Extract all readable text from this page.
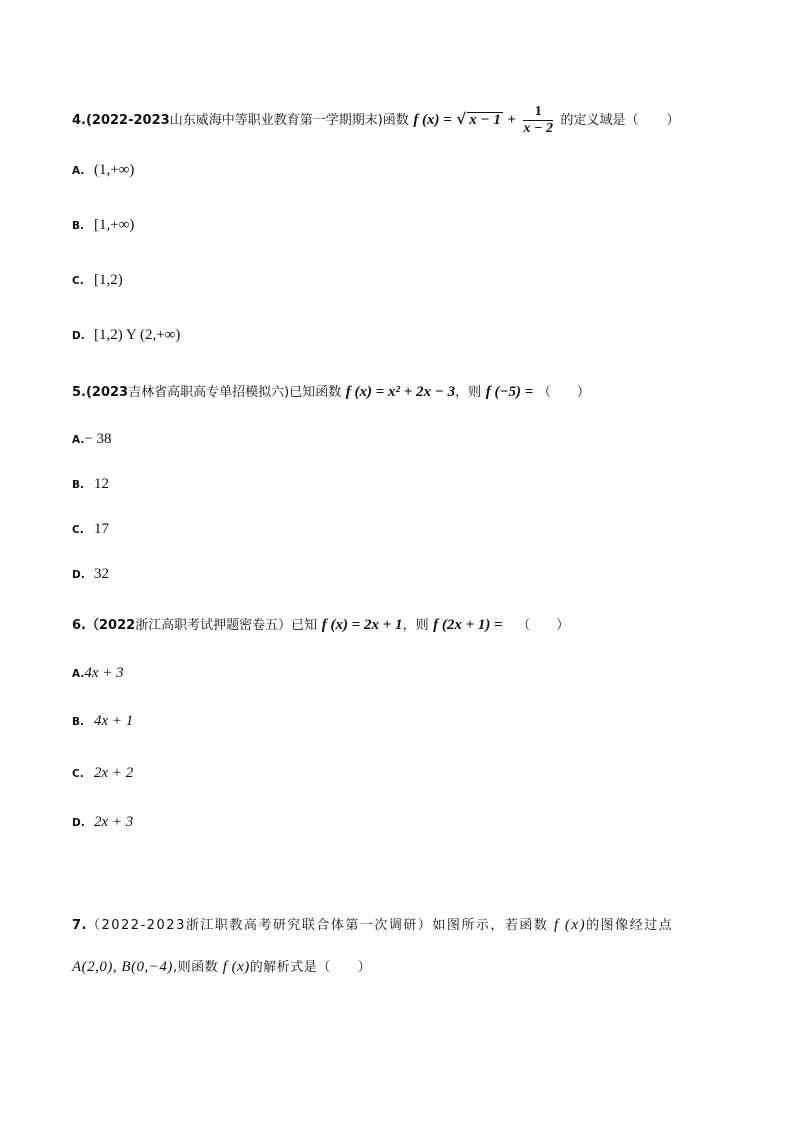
4.(2022-2023山东威海中等职业教育第一学期期末)函数 f (x) = √ $x - 1 + \frac{1}{x - 2}$ 的定义域是（ ）
A. (1,+∞)
B. [1,+∞)
C. [1,2)
D. [1,2) Y (2,+∞)
5.(2023吉林省高职高专单招模拟六)已知函数 f (x) = x² + 2x − 3，则 f (−5) = （　　）
A.− 38
B. 12
C. 17
D. 32
6.（2022浙江高职考试押题密卷五）已知 f (x) = 2x + 1，则 f (2x + 1) = （　　）
A.4x + 3
B. 4x + 1
C. 2x + 2
D. 2x + 3
7.（2022-2023浙江职教高考研究联合体第一次调研）如图所示，若函数 f (x)的图像经过点
A(2,0), B(0,−4),则函数 f (x)的解析式是（　　）
